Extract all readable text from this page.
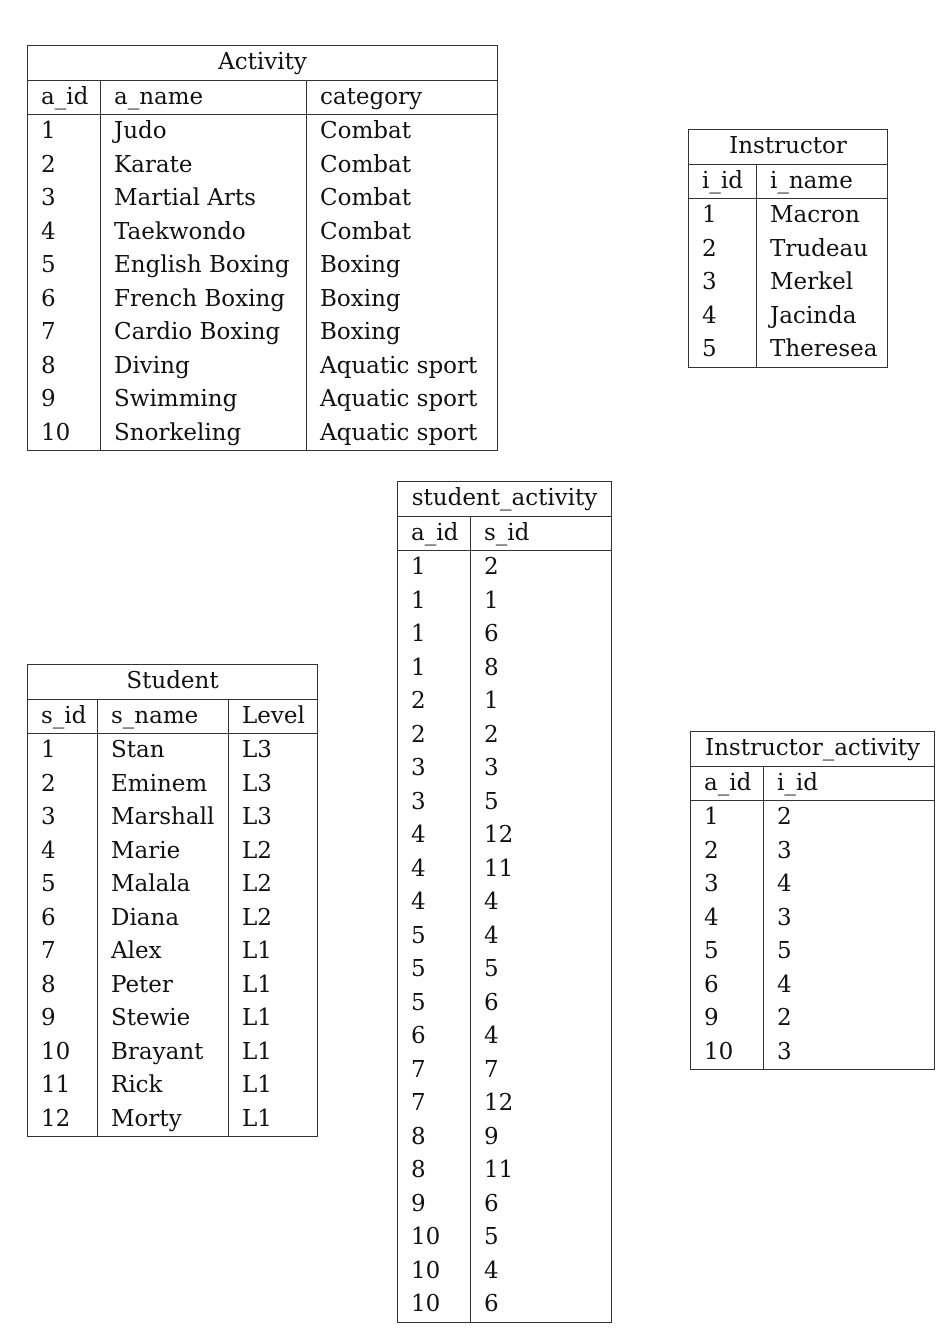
Activity		
a_id	a_name	category
1	Judo	Combat
2	Karate	Combat
3	Martial Arts	Combat
4	Taekwondo	Combat
5	English Boxing	Boxing
6	French Boxing	Boxing
7	Cardio Boxing	Boxing
8	Diving	Aquatic sport
9	Swimming	Aquatic sport
10	Snorkeling	Aquatic sport
Instructor	
i_id	i_name
1	Macron
2	Trudeau
3	Merkel
4	Jacinda
5	Theresea
student_activity	
a_id	s_id
1	2
1	1
1	6
1	8
2	1
2	2
3	3
3	5
4	12
4	11
4	4
5	4
5	5
5	6
6	4
7	7
7	12
8	9
8	11
9	6
10	5
10	4
10	6
Student		
s_id	s_name	Level
1	Stan	L3
2	Eminem	L3
3	Marshall	L3
4	Marie	L2
5	Malala	L2
6	Diana	L2
7	Alex	L1
8	Peter	L1
9	Stewie	L1
10	Brayant	L1
11	Rick	L1
12	Morty	L1
Instructor_activity	
a_id	i_id
1	2
2	3
3	4
4	3
5	5
6	4
9	2
10	3
